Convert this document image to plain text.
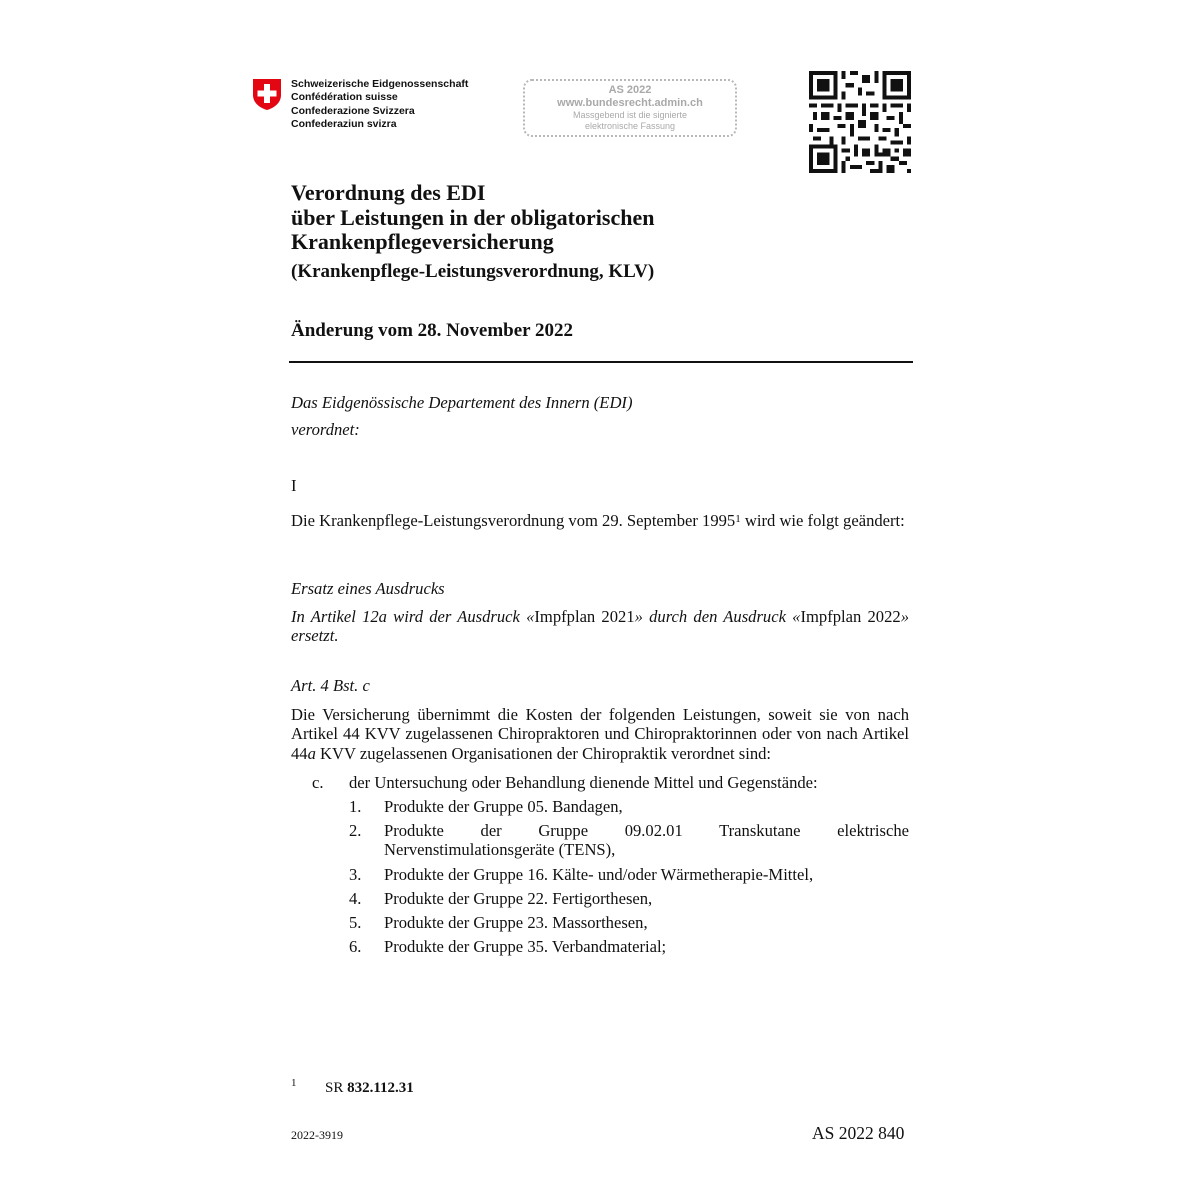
Schweizerische Eidgenossenschaft
Confédération suisse
Confederazione Svizzera
Confederaziun svizra
AS 2022
www.bundesrecht.admin.ch
Massgebend ist die signierte
elektronische Fassung
Verordnung des EDI
über Leistungen in der obligatorischen
Krankenpflegeversicherung
(Krankenpflege-Leistungsverordnung, KLV)
Änderung vom 28. November 2022
Das Eidgenössische Departement des Innern (EDI)
verordnet:
I
Die Krankenpflege-Leistungsverordnung vom 29. September 1995$^1$ wird wie folgt geändert:
Ersatz eines Ausdrucks
In Artikel 12a wird der Ausdruck «Impfplan 2021» durch den Ausdruck «Impfplan 2022» ersetzt.
Art. 4 Bst. c
Die Versicherung übernimmt die Kosten der folgenden Leistungen, soweit sie von nach Artikel 44 KVV zugelassenen Chiropraktoren und Chiropraktorinnen oder von nach Artikel 44a KVV zugelassenen Organisationen der Chiropraktik verordnet sind:
c. der Untersuchung oder Behandlung dienende Mittel und Gegenstände:
1.	Produkte der Gruppe 05. Bandagen,
2.	Produkte der Gruppe 09.02.01 Transkutane elektrische Nervenstimulationsgeräte (TENS),
3.	Produkte der Gruppe 16. Kälte- und/oder Wärmetherapie-Mittel,
4.	Produkte der Gruppe 22. Fertigorthesen,
5.	Produkte der Gruppe 23. Massorthesen,
6.	Produkte der Gruppe 35. Verbandmaterial;
1 SR 832.112.31
2022-3919	AS 2022 840
